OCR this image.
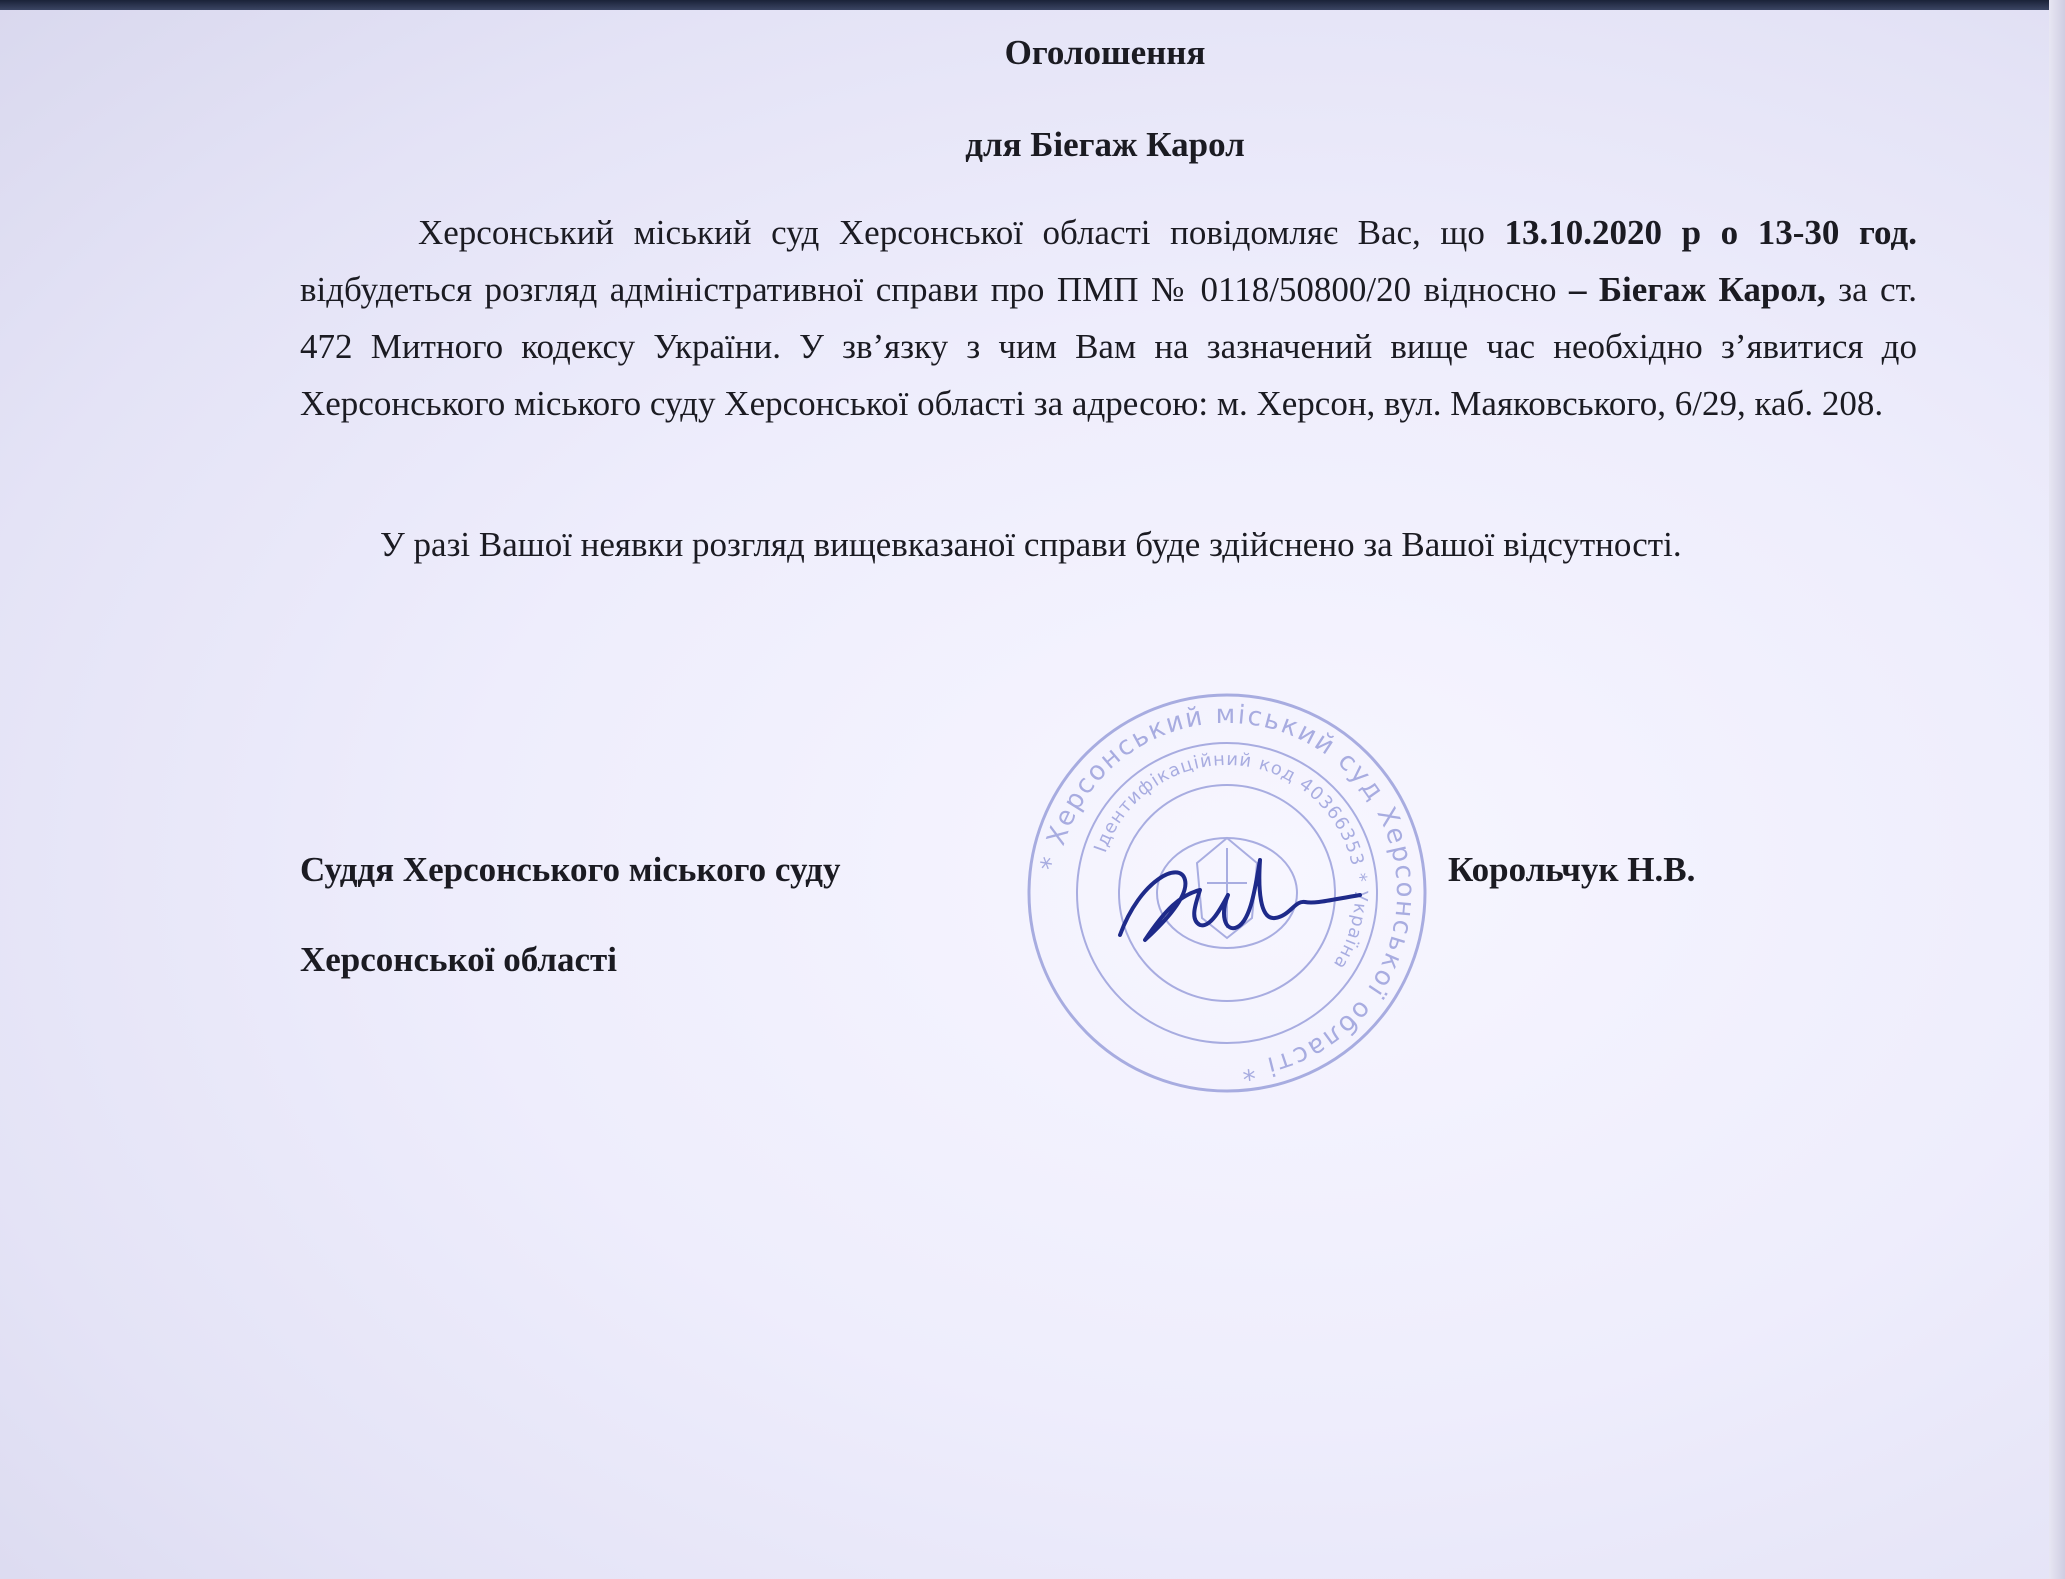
Оголошення
для Бiегаж Карол

Херсонський міський суд Херсонської області повідомляє Вас, що 13.10.2020 р о 13-30 год. відбудеться розгляд адміністративної справи про ПМП № 0118/50800/20 відносно – Бiегаж Карол, за ст. 472 Митного кодексу України. У зв’язку з чим Вам на зазначений вище час необхідно з’явитися до Херсонського міського суду Херсонської області за адресою: м. Херсон, вул. Маяковського, 6/29, каб. 208.

У разі Вашої неявки розгляд вищевказаної справи буде здійснено за Вашої відсутності.

Суддя Херсонського міського суду
Херсонської області
Корольчук Н.В.
* Херсонський міський суд Херсонської області *
Ідентифікаційний код 40366353 * Україна
